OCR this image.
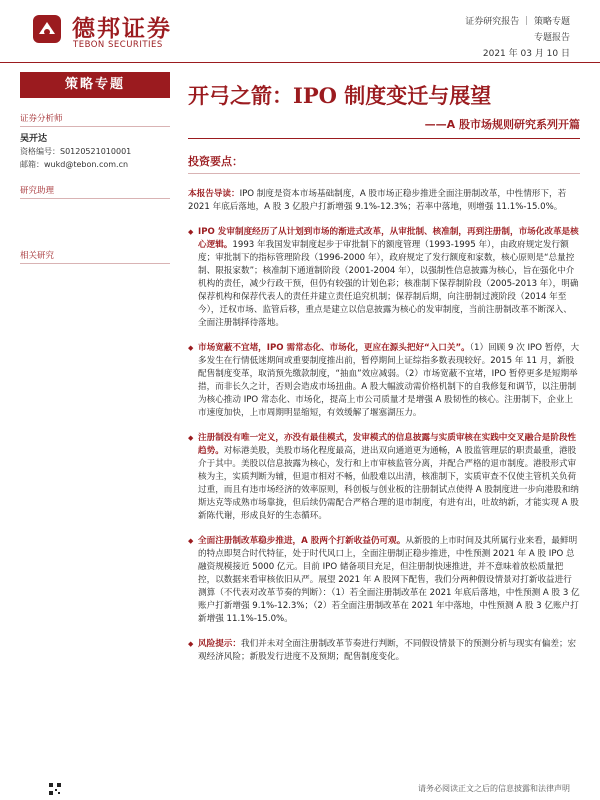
德邦证券
TEBON SECURITIES
证券研究报告 ｜ 策略专题
专题报告
2021 年 03 月 10 日
策略专题
证券分析师
吴开达
资格编号：S0120521010001
邮箱：wukd@tebon.com.cn
研究助理
相关研究
开弓之箭：IPO 制度变迁与展望
——A 股市场规则研究系列开篇
投资要点：
本报告导读：IPO 制度是资本市场基础制度，A 股市场正稳步推进全面注册制改革，中性情形下，若 2021 年底后落地，A 股 3 亿股户打新增强 9.1%-12.3%；若率中落地，则增强 11.1%-15.0%。
◆ IPO 发审制度经历了从计划到市场的渐进式改革，从审批制、核准制，再到注册制，市场化改革是核心逻辑。1993 年我国发审制度起步于审批制下的额度管理（1993-1995 年），由政府规定发行额度；审批制下的指标管理阶段（1996-2000 年），政府规定了发行额度和家数，核心原则是“总量控制、限报家数”；核准制下通道制阶段（2001-2004 年），以强制性信息披露为核心，旨在强化中介机构的责任，减少行政干预，但仍有较强的计划色彩；核准制下保荐制阶段（2005-2013 年），明确保荐机构和保荐代表人的责任并建立责任追究机制；保荐制后期，向注册制过渡阶段（2014 年至今），迁权市场、监管后移，重点是建立以信息披露为核心的发审制度，当前注册制改革不断深入、全面注册制择待落地。
◆ 市场宽蔽不宜堵，IPO 需常态化、市场化，更应在源头把好“入口关”。（1）回顾 9 次 IPO 暂停，大多发生在行情低迷期间或重要制度推出前，暂停期间上证综指多数表现较好。2015 年 11 月，新股配售制度变革，取消预先缴款制度，“抽血”效应减弱。（2）市场宽蔽不宜堵，IPO 暂停更多是短期举措，而非长久之计，否则会造成市场扭曲。A 股大幅波动需价格机制下的自我修复和调节，以注册制为核心推动 IPO 常态化、市场化，提高上市公司质量才是增强 A 股韧性的核心。注册制下，企业上市速度加快，上市周期明显缩短，有效缓解了堰塞湖压力。
◆ 注册制没有唯一定义，亦没有最佳模式，发审模式的信息披露与实质审核在实践中交叉融合是阶段性趋势。对标港美股，美股市场化程度最高，进出双向通道更为通畅，A 股监管理层的职责最重，港股介于其中。美股以信息披露为核心，发行和上市审核监管分离，并配合严格的退市制度。港股形式审核为主，实质判断为辅，但退市相对不畅，仙股难以出清，核准制下，实质审查不仅使主管机关负荷过重，而且有违市场经济的效率原则，科创板与创业板的注册制试点使得 A 股制度进一步向港股和纳斯达克等成熟市场靠拢，但后续仍需配合严格合理的退市制度，有进有出，吐故纳新，才能实现 A 股新陈代谢，形成良好的生态循环。
◆ 全面注册制改革稳步推进，A 股两个打新收益仍可观。从新股的上市时间及其所属行业来看，最鲜明的特点即契合时代特征，处于时代风口上，全面注册制正稳步推进，中性预测 2021 年 A 股 IPO 总融资规模接近 5000 亿元。目前 IPO 储备项目充足，但注册制快速推进，并不意味着放松质量把控，以数据来看审核依旧从严。展望 2021 年 A 股网下配售，我们分两种假设情景对打新收益进行测算（不代表对改革节奏的判断）：（1）若全面注册制改革在 2021 年底后落地，中性预测 A 股 3 亿账户打新增强 9.1%-12.3%；（2）若全面注册制改革在 2021 年中落地，中性预测 A 股 3 亿账户打新增强 11.1%-15.0%。
◆ 风险提示：我们并未对全面注册制改革节奏进行判断，不同假设情景下的预测分析与现实有偏差；宏观经济风险；新股发行进度不及预期；配售制度变化。
请务必阅读正文之后的信息披露和法律声明
